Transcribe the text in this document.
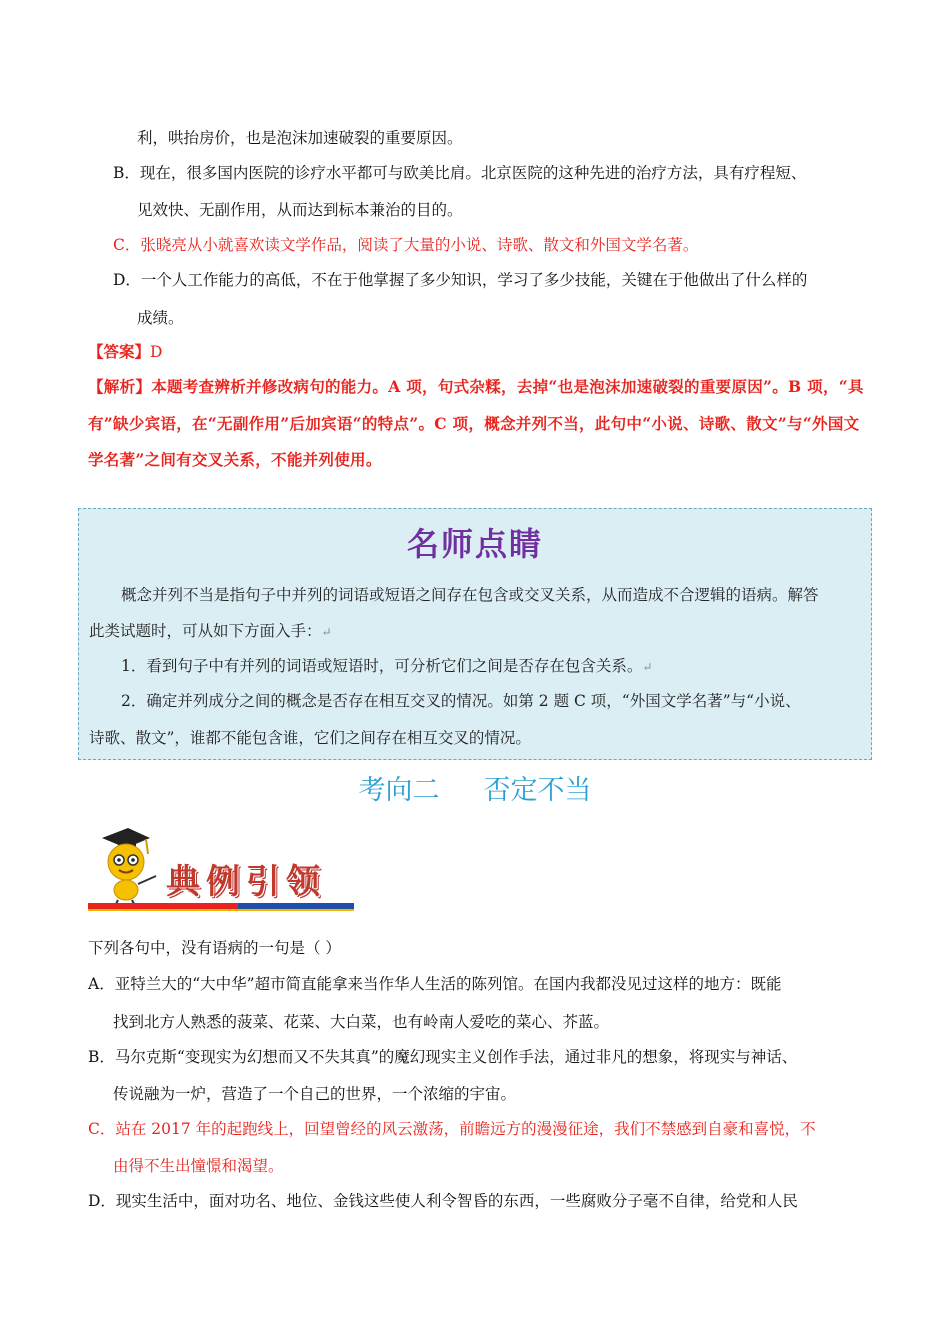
利，哄抬房价，也是泡沫加速破裂的重要原因。
B．现在，很多国内医院的诊疗水平都可与欧美比肩。北京医院的这种先进的治疗方法，具有疗程短、
见效快、无副作用，从而达到标本兼治的目的。
C．张晓亮从小就喜欢读文学作品，阅读了大量的小说、诗歌、散文和外国文学名著。
D．一个人工作能力的高低，不在于他掌握了多少知识，学习了多少技能，关键在于他做出了什么样的
成绩。
【答案】D
【解析】本题考查辨析并修改病句的能力。A 项，句式杂糅，去掉“也是泡沫加速破裂的重要原因”。B 项，“具有”缺少宾语，在“无副作用”后加宾语“的特点”。C 项，概念并列不当，此句中“小说、诗歌、散文”与“外国文学名著”之间有交叉关系，不能并列使用。
名师点睛

概念并列不当是指句子中并列的词语或短语之间存在包含或交叉关系，从而造成不合逻辑的语病。解答

此类试题时，可从如下方面入手：↵

1．看到句子中有并列的词语或短语时，可分析它们之间是否存在包含关系。↵

2．确定并列成分之间的概念是否存在相互交叉的情况。如第 2 题 C 项，“外国文学名著”与“小说、

诗歌、散文”，谁都不能包含谁，它们之间存在相互交叉的情况。

考向二 否定不当
典例引领
下列各句中，没有语病的一句是（ ）
A．亚特兰大的“大中华”超市简直能拿来当作华人生活的陈列馆。在国内我都没见过这样的地方：既能
找到北方人熟悉的菠菜、花菜、大白菜，也有岭南人爱吃的菜心、芥蓝。
B．马尔克斯“变现实为幻想而又不失其真”的魔幻现实主义创作手法，通过非凡的想象，将现实与神话、
传说融为一炉，营造了一个自己的世界，一个浓缩的宇宙。
C．站在 2017 年的起跑线上，回望曾经的风云激荡，前瞻远方的漫漫征途，我们不禁感到自豪和喜悦，不
由得不生出憧憬和渴望。
D．现实生活中，面对功名、地位、金钱这些使人利令智昏的东西，一些腐败分子毫不自律，给党和人民
